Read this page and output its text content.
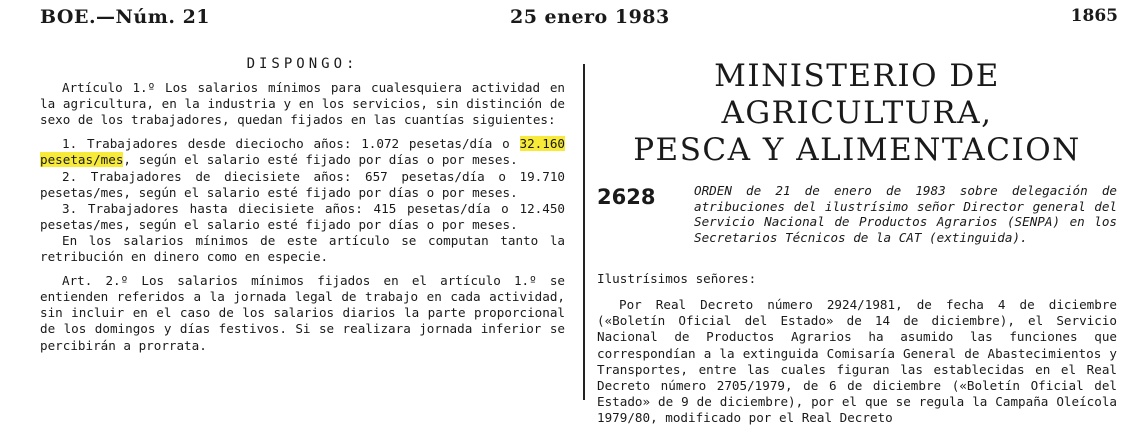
BOE.—Núm. 21	25 enero 1983	1865
DISPONGO:

Artículo 1.º Los salarios mínimos para cualesquiera actividad en la agricultura, en la industria y en los servicios, sin distinción de sexo de los trabajadores, quedan fijados en las cuantías siguientes:

1. Trabajadores desde dieciocho años: 1.072 pesetas/día o 32.160 pesetas/mes, según el salario esté fijado por días o por meses.

2. Trabajadores de diecisiete años: 657 pesetas/día o 19.710 pesetas/mes, según el salario esté fijado por días o por meses.

3. Trabajadores hasta diecisiete años: 415 pesetas/día o 12.450 pesetas/mes, según el salario esté fijado por días o por meses.

En los salarios mínimos de este artículo se computan tanto la retribución en dinero como en especie.

Art. 2.º Los salarios mínimos fijados en el artículo 1.º se entienden referidos a la jornada legal de trabajo en cada actividad, sin incluir en el caso de los salarios diarios la parte proporcional de los domingos y días festivos. Si se realizara jornada inferior se percibirán a prorrata.

MINISTERIO DE AGRICULTURA,
PESCA Y ALIMENTACION
2628	ORDEN de 21 de enero de 1983 sobre delegación de atribuciones del ilustrísimo señor Director general del Servicio Nacional de Productos Agrarios (SENPA) en los Secretarios Técnicos de la CAT (extinguida).
Ilustrísimos señores:
Por Real Decreto número 2924/1981, de fecha 4 de diciembre («Boletín Oficial del Estado» de 14 de diciembre), el Servicio Nacional de Productos Agrarios ha asumido las funciones que correspondían a la extinguida Comisaría General de Abastecimientos y Transportes, entre las cuales figuran las establecidas en el Real Decreto número 2705/1979, de 6 de diciembre («Boletín Oficial del Estado» de 9 de diciembre), por el que se regula la Campaña Oleícola 1979/80, modificado por el Real Decreto
